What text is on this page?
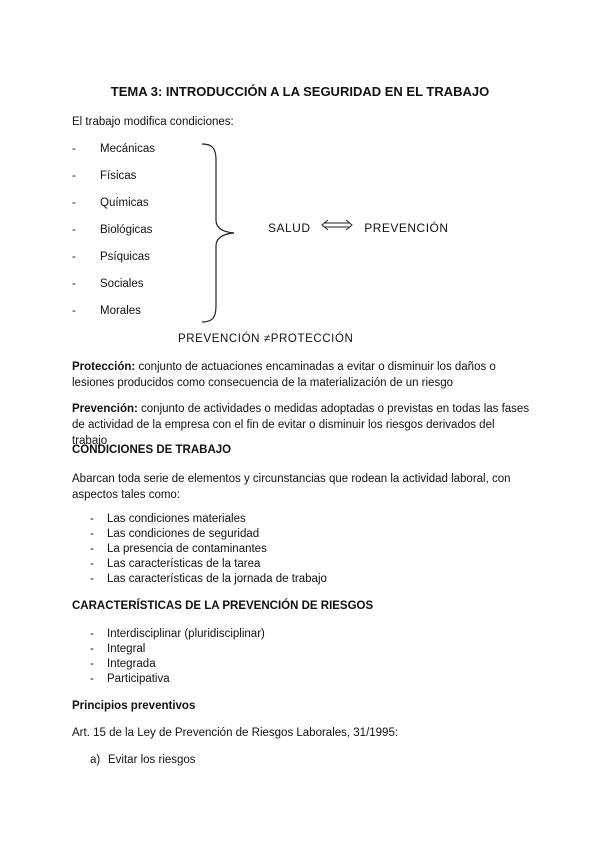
TEMA 3: INTRODUCCIÓN A LA SEGURIDAD EN EL TRABAJO
El trabajo modifica condiciones:
- Mecánicas
- Físicas
- Químicas
- Biológicas
- Psíquicas
- Sociales
- Morales
SALUD	PREVENCIÓN
PREVENCIÓN ≠PROTECCIÓN
Protección: conjunto de actuaciones encaminadas a evitar o disminuir los daños o lesiones producidos como consecuencia de la materialización de un riesgo
Prevención: conjunto de actividades o medidas adoptadas o previstas en todas las fases de actividad de la empresa con el fin de evitar o disminuir los riesgos derivados del trabajo
CONDICIONES DE TRABAJO
Abarcan toda serie de elementos y circunstancias que rodean la actividad laboral, con aspectos tales como:
- Las condiciones materiales
- Las condiciones de seguridad
- La presencia de contaminantes
- Las características de la tarea
- Las características de la jornada de trabajo
CARACTERÍSTICAS DE LA PREVENCIÓN DE RIESGOS
- Interdisciplinar (pluridisciplinar)
- Integral
- Integrada
- Participativa
Principios preventivos
Art. 15 de la Ley de Prevención de Riesgos Laborales, 31/1995:
a) Evitar los riesgos
